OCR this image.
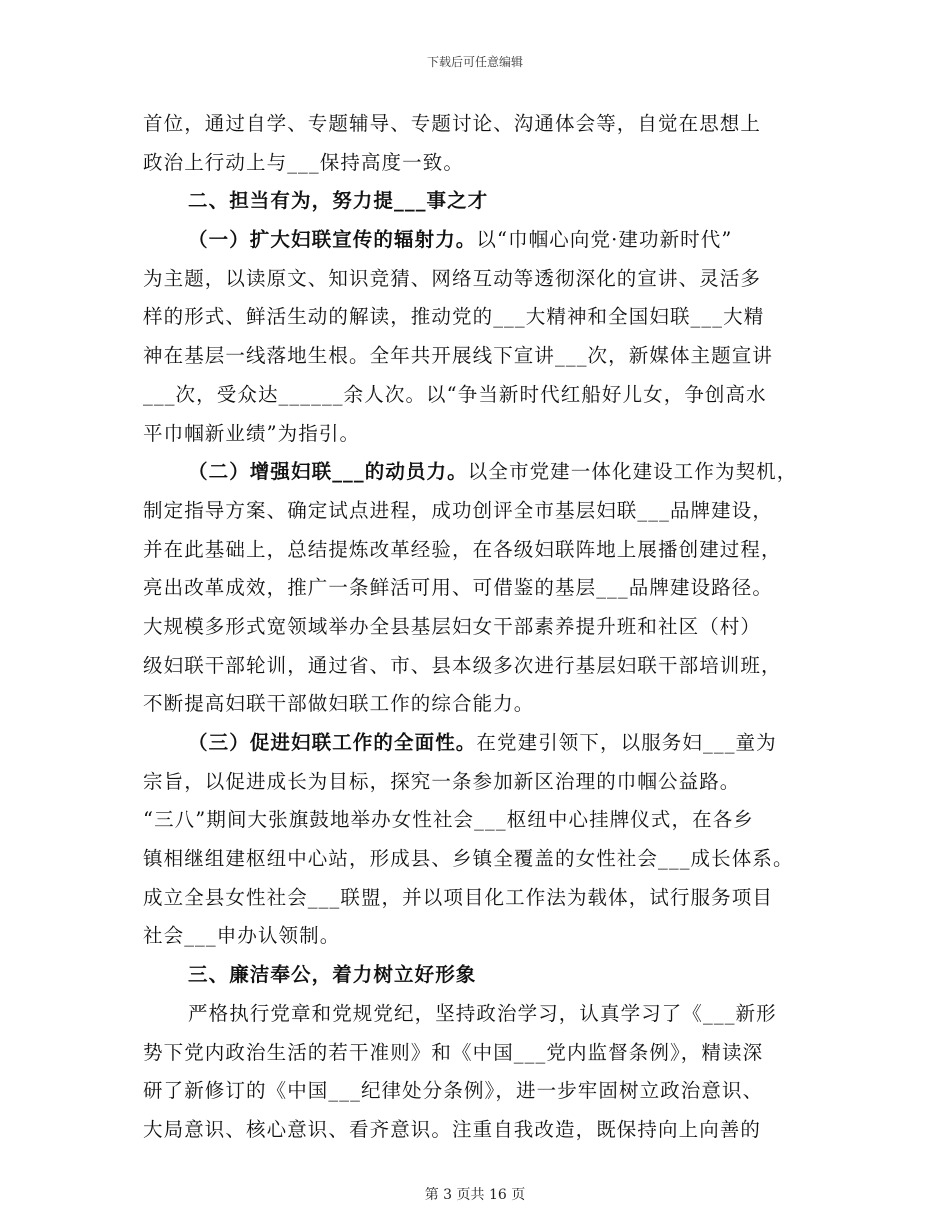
下载后可任意编辑
首位，通过自学、专题辅导、专题讨论、沟通体会等，自觉在思想上
政治上行动上与___保持高度一致。
二、担当有为，努力提___事之才
（一）扩大妇联宣传的辐射力。以“巾帼心向党·建功新时代”
为主题，以读原文、知识竞猜、网络互动等透彻深化的宣讲、灵活多
样的形式、鲜活生动的解读，推动党的___大精神和全国妇联___大精
神在基层一线落地生根。全年共开展线下宣讲___次，新媒体主题宣讲
___次，受众达______余人次。以“争当新时代红船好儿女，争创高水
平巾帼新业绩”为指引。
（二）增强妇联___的动员力。以全市党建一体化建设工作为契机，
制定指导方案、确定试点进程，成功创评全市基层妇联___品牌建设，
并在此基础上，总结提炼改革经验，在各级妇联阵地上展播创建过程，
亮出改革成效，推广一条鲜活可用、可借鉴的基层___品牌建设路径。
大规模多形式宽领域举办全县基层妇女干部素养提升班和社区（村）
级妇联干部轮训，通过省、市、县本级多次进行基层妇联干部培训班，
不断提高妇联干部做妇联工作的综合能力。
（三）促进妇联工作的全面性。在党建引领下，以服务妇___童为
宗旨，以促进成长为目标，探究一条参加新区治理的巾帼公益路。
“三八”期间大张旗鼓地举办女性社会___枢纽中心挂牌仪式，在各乡
镇相继组建枢纽中心站，形成县、乡镇全覆盖的女性社会___成长体系。
成立全县女性社会___联盟，并以项目化工作法为载体，试行服务项目
社会___申办认领制。
三、廉洁奉公，着力树立好形象
严格执行党章和党规党纪，坚持政治学习，认真学习了《___新形
势下党内政治生活的若干准则》和《中国___党内监督条例》，精读深
研了新修订的《中国___纪律处分条例》，进一步牢固树立政治意识、
大局意识、核心意识、看齐意识。注重自我改造，既保持向上向善的
第 3 页共 16 页
